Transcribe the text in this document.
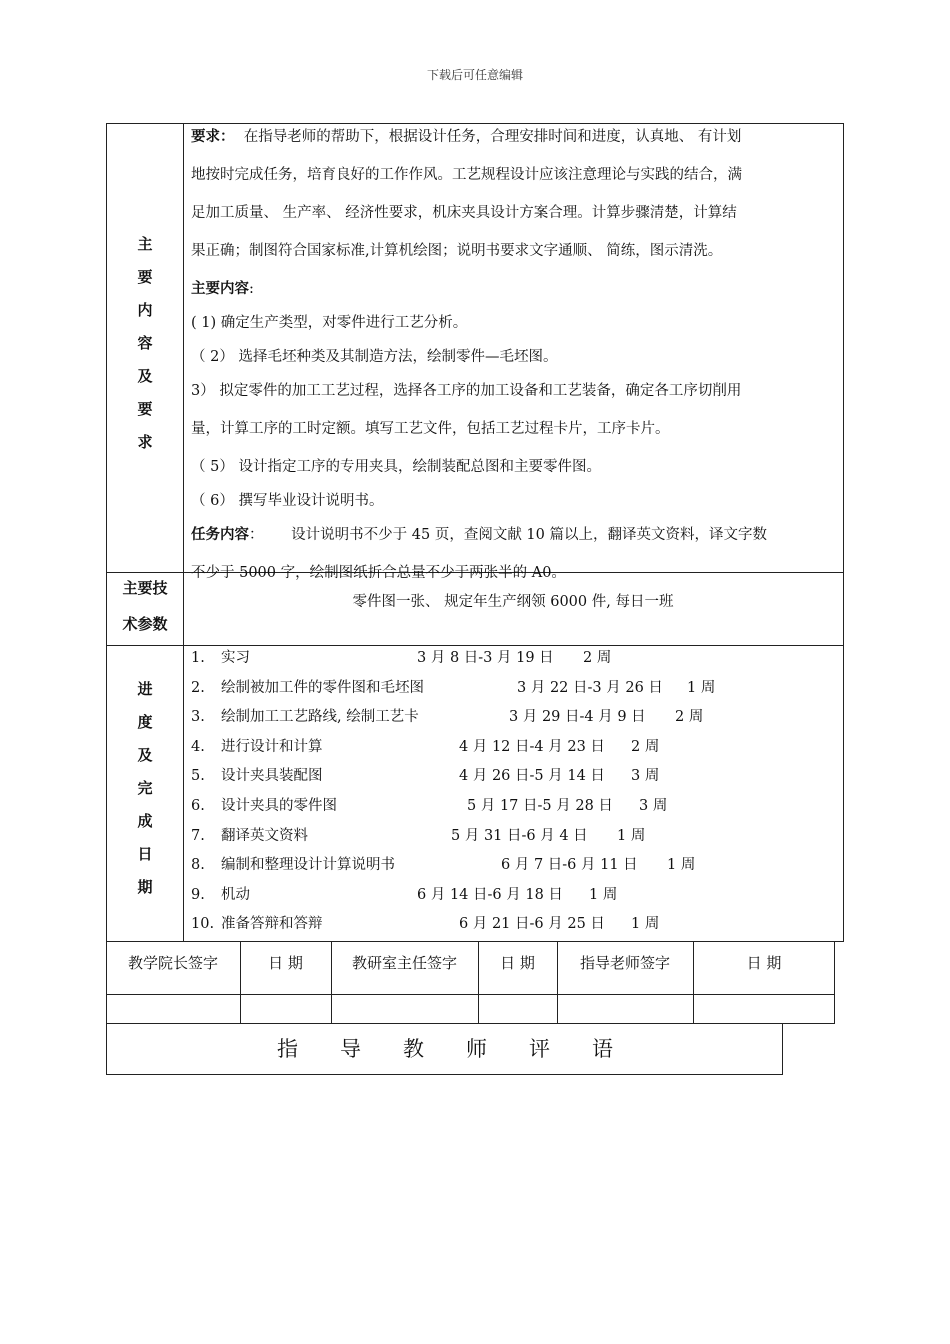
下载后可任意编辑
主
要
内
容
及
要
求
要求： 在指导老师的帮助下，根据设计任务，合理安排时间和进度，认真地、 有计划
地按时完成任务，培育良好的工作作风。工艺规程设计应该注意理论与实践的结合，满
足加工质量、 生产率、 经济性要求，机床夹具设计方案合理。计算步骤清楚，计算结
果正确；制图符合国家标准,计算机绘图；说明书要求文字通顺、 简练，图示清洗。
主要内容:
( 1) 确定生产类型，对零件进行工艺分析。
（ 2） 选择毛坯种类及其制造方法，绘制零件—毛坯图。
3） 拟定零件的加工工艺过程，选择各工序的加工设备和工艺装备，确定各工序切削用
量，计算工序的工时定额。填写工艺文件，包括工艺过程卡片，工序卡片。
（ 5） 设计指定工序的专用夹具，绘制装配总图和主要零件图。
（ 6） 撰写毕业设计说明书。
任务内容：      设计说明书不少于 45 页，查阅文献 10 篇以上，翻译英文资料，译文字数
不少于 5000 字，绘制图纸折合总量不少于两张半的 A0。
主要技
术参数
零件图一张、 规定年生产纲领 6000 件, 每日一班
进
度
及
完
成
日
期
1. 实习	3 月 8 日-3 月 19 日 2 周
2. 绘制被加工件的零件图和毛坯图	3 月 22 日-3 月 26 日 1 周
3. 绘制加工工艺路线, 绘制工艺卡	3 月 29 日-4 月 9 日 2 周
4. 进行设计和计算	4 月 12 日-4 月 23 日 2 周
5. 设计夹具装配图	4 月 26 日-5 月 14 日 3 周
6. 设计夹具的零件图	5 月 17 日-5 月 28 日 3 周
7. 翻译英文资料	5 月 31 日-6 月 4 日 1 周
8. 编制和整理设计计算说明书	6 月 7 日-6 月 11 日 1 周
9. 机动	6 月 14 日-6 月 18 日 1 周
10. 准备答辩和答辩	6 月 21 日-6 月 25 日 1 周
教学院长签字	日 期	教研室主任签字	日 期	指导老师签字	日 期
指　　导　　教　　师　　评　　语
